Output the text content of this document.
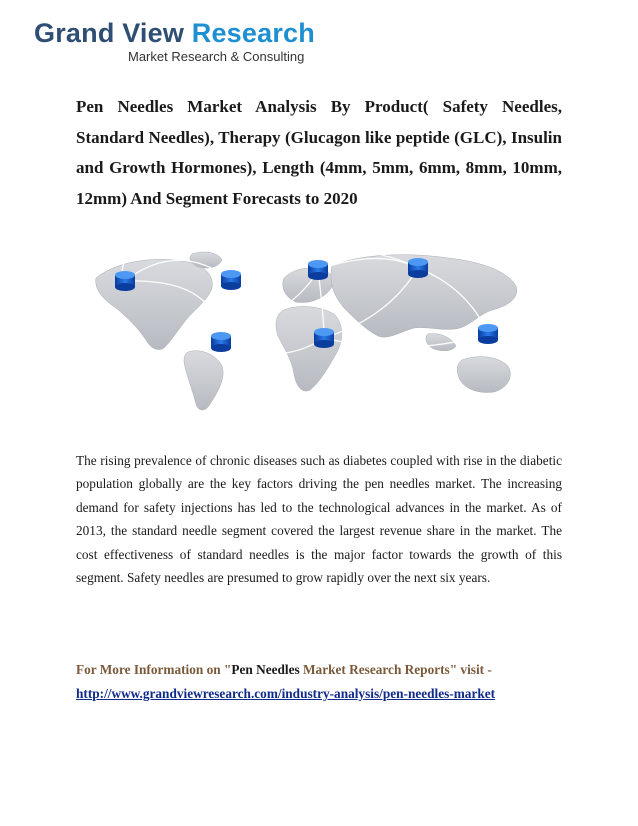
Grand View Research
Market Research & Consulting
Pen Needles Market Analysis By Product( Safety Needles, Standard Needles), Therapy (Glucagon like peptide (GLC), Insulin and Growth Hormones), Length (4mm, 5mm, 6mm, 8mm, 10mm, 12mm) And Segment Forecasts to 2020

The rising prevalence of chronic diseases such as diabetes coupled with rise in the diabetic population globally are the key factors driving the pen needles market. The increasing demand for safety injections has led to the technological advances in the market. As of 2013, the standard needle segment covered the largest revenue share in the market. The cost effectiveness of standard needles is the major factor towards the growth of this segment. Safety needles are presumed to grow rapidly over the next six years.

For More Information on "Pen Needles Market Research Reports" visit -
http://www.grandviewresearch.com/industry-analysis/pen-needles-market
